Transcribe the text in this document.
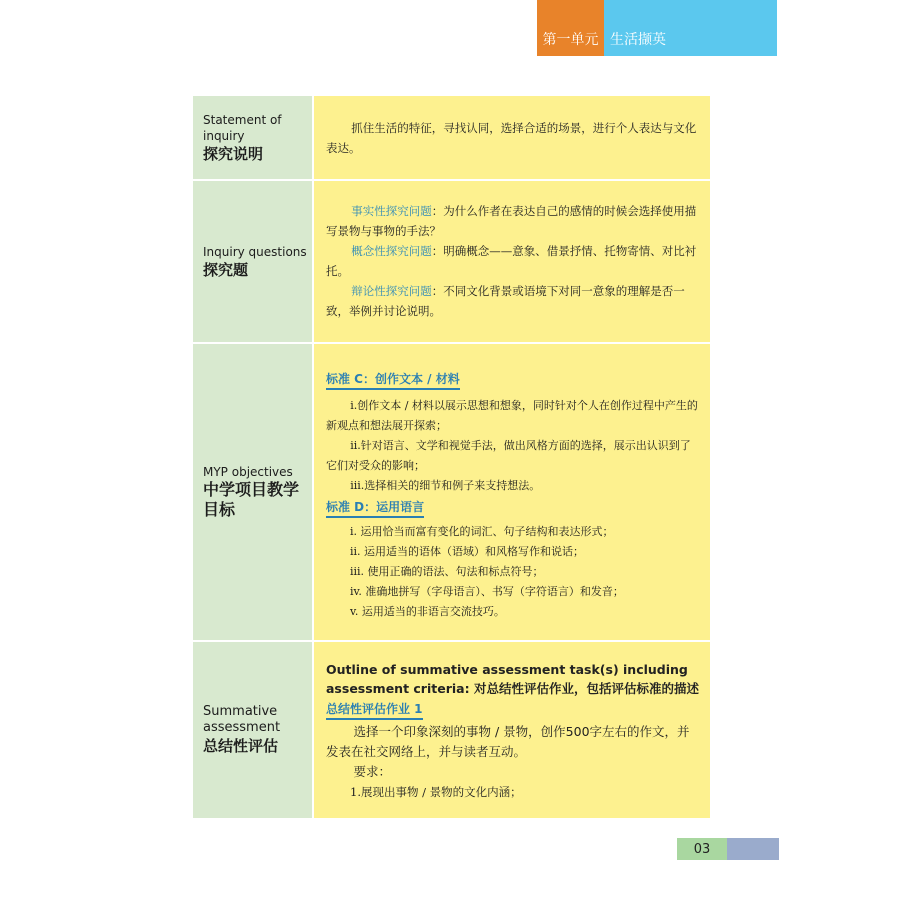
第一单元 生活撷英
Statement of inquiry
探究说明
抓住生活的特征，寻找认同，选择合适的场景，进行个人表达与文化表达。
Inquiry questions
探究题
事实性探究问题：为什么作者在表达自己的感情的时候会选择使用描写景物与事物的手法？
概念性探究问题：明确概念——意象、借景抒情、托物寄情、对比衬托。
辩论性探究问题：不同文化背景或语境下对同一意象的理解是否一致，举例并讨论说明。
MYP objectives
中学项目教学
目标
标准 C：创作文本 / 材料
i.创作文本 / 材料以展示思想和想象，同时针对个人在创作过程中产生的新观点和想法展开探索；
ii.针对语言、文学和视觉手法，做出风格方面的选择，展示出认识到了它们对受众的影响；
iii.选择相关的细节和例子来支持想法。
标准 D：运用语言
i. 运用恰当而富有变化的词汇、句子结构和表达形式；
ii. 运用适当的语体（语域）和风格写作和说话；
iii. 使用正确的语法、句法和标点符号；
iv. 准确地拼写（字母语言）、书写（字符语言）和发音；
v. 运用适当的非语言交流技巧。
Summative
assessment
总结性评估
Outline of summative assessment task(s) including assessment criteria: 对总结性评估作业，包括评估标准的描述
总结性评估作业 1
选择一个印象深刻的事物 / 景物，创作500字左右的作文，并发表在社交网络上，并与读者互动。
要求：
1.展现出事物 / 景物的文化内涵；
03
